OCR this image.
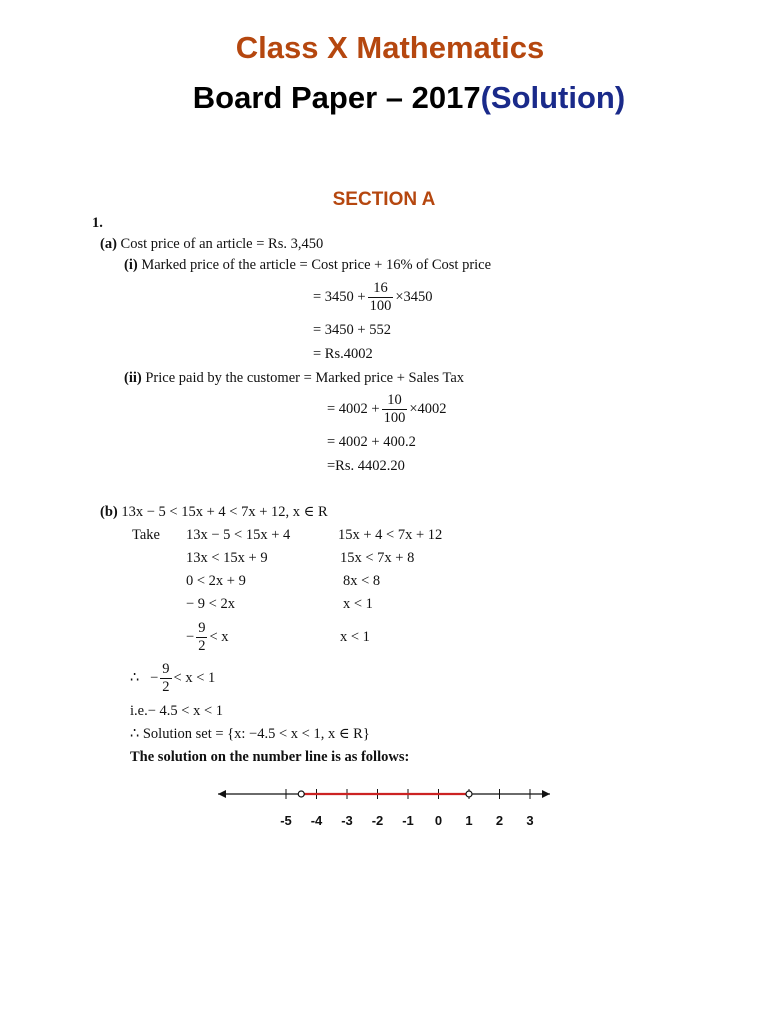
Class X Mathematics
Board Paper – 2017(Solution)
SECTION A
1.
(a) Cost price of an article = Rs. 3,450
(i) Marked price of the article = Cost price + 16% of Cost price
= $3450 + \frac{16}{100} \times 3450$
= 3450 + 552
= Rs.4002
(ii) Price paid by the customer = Marked price + Sales Tax
= $4002 + \frac{10}{100} \times 4002$
= 4002 + 400.2
=Rs. 4402.20
(b) 13x − 5 < 15x + 4 < 7x + 12, x ∈ R
Take 13x − 5 < 15x + 4
13x < 15x + 9
0 < 2x + 9
− 9 < 2x
− $\frac{9}{2} < x$
15x + 4 < 7x + 12
15x < 7x + 8
8x < 8
x < 1
x < 1
∴ − $\frac{9}{2} < x < 1$
i.e.− 4.5 < x < 1
∴ Solution set = {x: −4.5 < x < 1, x ∈ R}
The solution on the number line is as follows:
-5 -4 -3 -2 -1 0 1 2 3
